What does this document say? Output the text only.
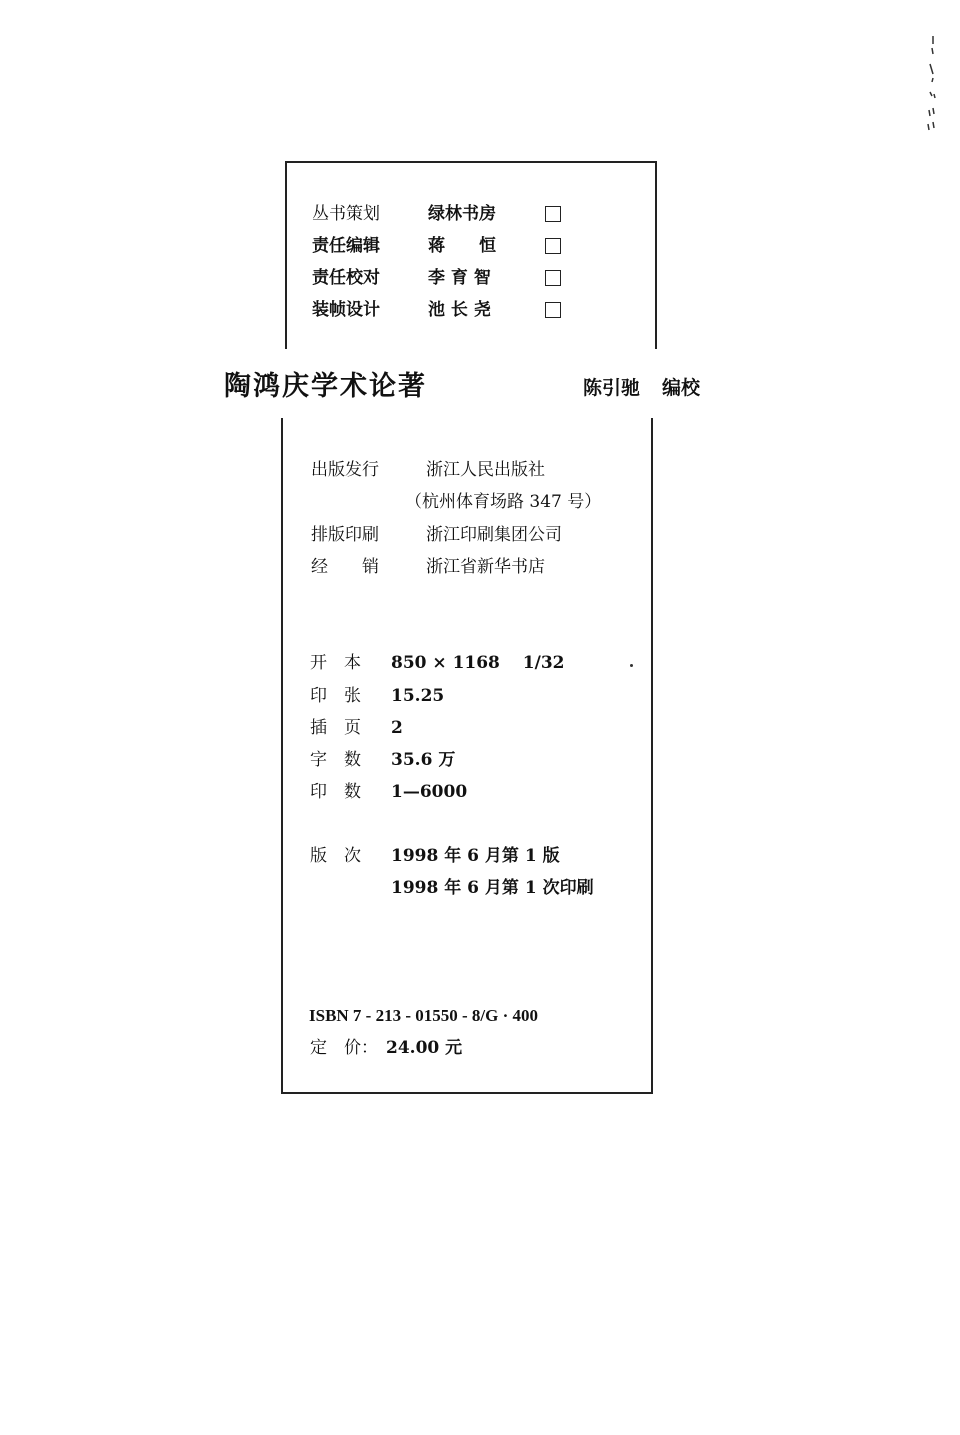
丛书策划	绿林书房
责任编辑	蒋　　恒
责任校对	李 育 智
装帧设计	池 长 尧
陶鸿庆学术论著	陈引驰 编校
出版发行	浙江人民出版社
（杭州体育场路 347 号）
排版印刷	浙江印刷集团公司
经　　销	浙江省新华书店
开　本 850 × 1168　 1/32
印　张 15.25
插　页 2
字　数 35.6 万
印　数 1—6000
版　次 1998 年 6 月第 1 版
1998 年 6 月第 1 次印刷
ISBN 7 - 213 - 01550 - 8/G · 400
定　价： 24.00 元
